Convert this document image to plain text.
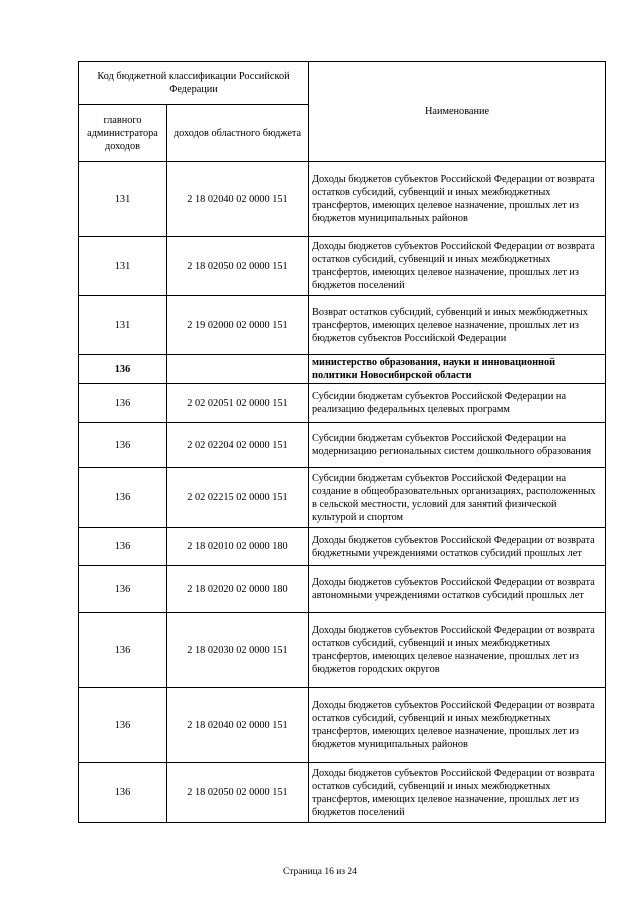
Код бюджетной классификации Российской Федерации		Наименование
главного администратора доходов	доходов областного бюджета	
131	2 18 02040 02 0000 151	Доходы бюджетов субъектов Российской Федерации от возврата остатков субсидий, субвенций и иных межбюджетных трансфертов, имеющих целевое назначение, прошлых лет из бюджетов муниципальных районов
131	2 18 02050 02 0000 151	Доходы бюджетов субъектов Российской Федерации от возврата остатков субсидий, субвенций и иных межбюджетных трансфертов, имеющих целевое назначение, прошлых лет из бюджетов поселений
131	2 19 02000 02 0000 151	Возврат остатков субсидий, субвенций и иных межбюджетных трансфертов, имеющих целевое назначение, прошлых лет из бюджетов субъектов Российской Федерации
136		министерство образования, науки и инновационной политики Новосибирской области
136	2 02 02051 02 0000 151	Субсидии бюджетам субъектов Российской Федерации на реализацию федеральных целевых программ
136	2 02 02204 02 0000 151	Субсидии бюджетам субъектов Российской Федерации на модернизацию региональных систем дошкольного образования
136	2 02 02215 02 0000 151	Субсидии бюджетам субъектов Российской Федерации на создание в общеобразовательных организациях, расположенных в сельской местности, условий для занятий физической культурой и спортом
136	2 18 02010 02 0000 180	Доходы бюджетов субъектов Российской Федерации от возврата бюджетными учреждениями остатков субсидий прошлых лет
136	2 18 02020 02 0000 180	Доходы бюджетов субъектов Российской Федерации от возврата автономными учреждениями остатков субсидий прошлых лет
136	2 18 02030 02 0000 151	Доходы бюджетов субъектов Российской Федерации от возврата остатков субсидий, субвенций и иных межбюджетных трансфертов, имеющих целевое назначение, прошлых лет из бюджетов городских округов
136	2 18 02040 02 0000 151	Доходы бюджетов субъектов Российской Федерации от возврата остатков субсидий, субвенций и иных межбюджетных трансфертов, имеющих целевое назначение, прошлых лет из бюджетов муниципальных районов
136	2 18 02050 02 0000 151	Доходы бюджетов субъектов Российской Федерации от возврата остатков субсидий, субвенций и иных межбюджетных трансфертов, имеющих целевое назначение, прошлых лет из бюджетов поселений
Страница 16 из 24
